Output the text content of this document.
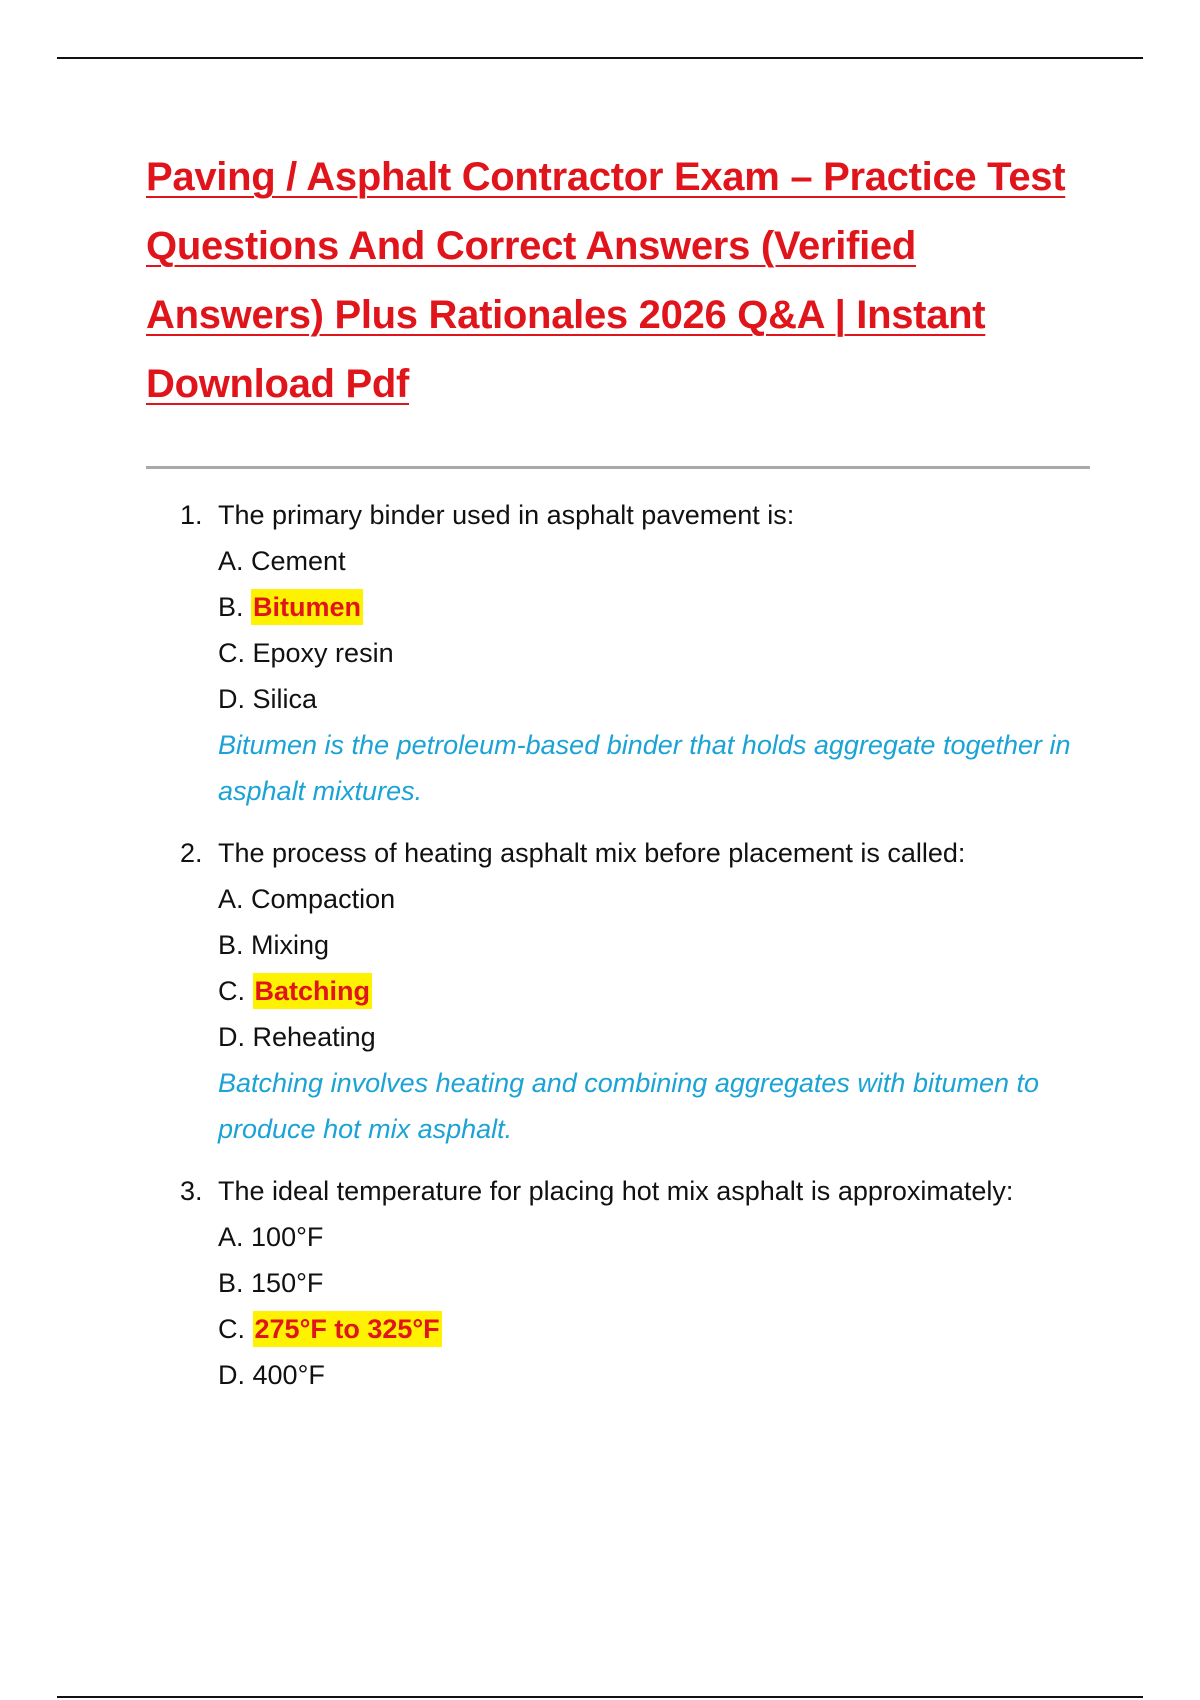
Paving / Asphalt Contractor Exam – Practice Test Questions And Correct Answers (Verified Answers) Plus Rationales 2026 Q&A | Instant Download Pdf
1. The primary binder used in asphalt pavement is:
A. Cement
B. Bitumen
C. Epoxy resin
D. Silica

Bitumen is the petroleum-based binder that holds aggregate together in asphalt mixtures.

2. The process of heating asphalt mix before placement is called:
A. Compaction
B. Mixing
C. Batching
D. Reheating

Batching involves heating and combining aggregates with bitumen to produce hot mix asphalt.

3. The ideal temperature for placing hot mix asphalt is approximately:
A. 100°F
B. 150°F
C. 275°F to 325°F
D. 400°F
